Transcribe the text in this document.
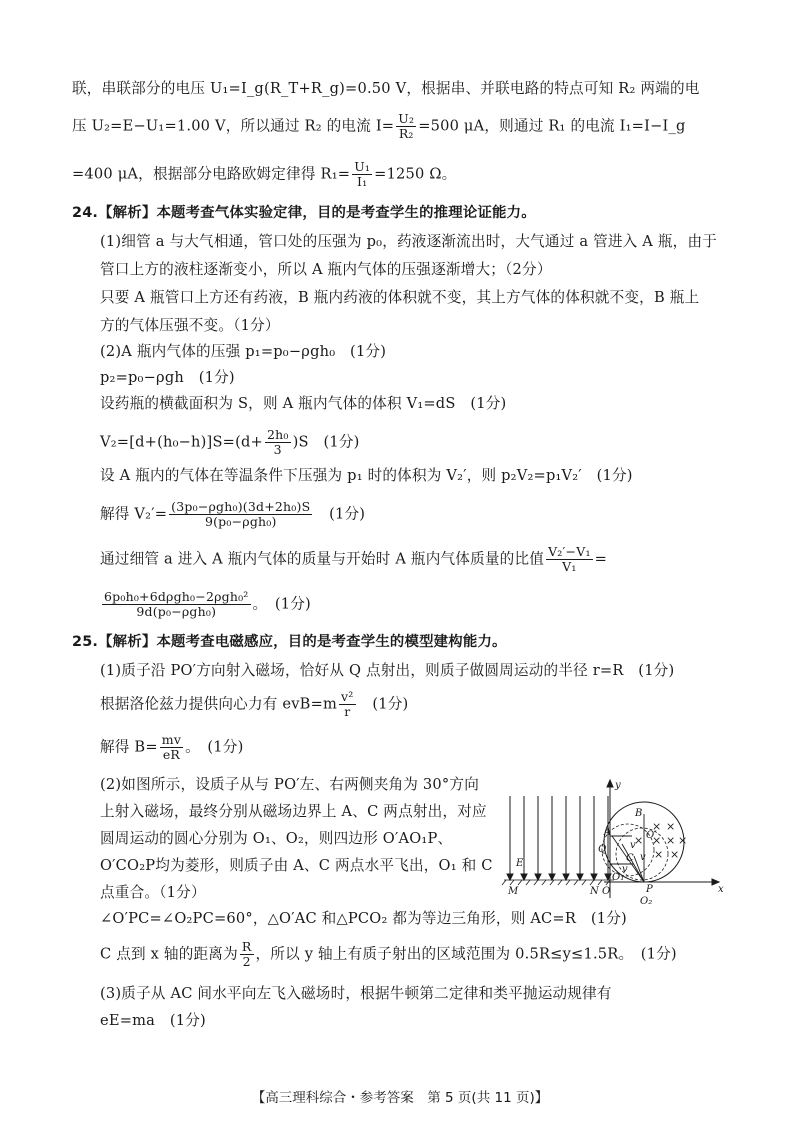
联，串联部分的电压 U₁=I_g(R_T+R_g)=0.50 V，根据串、并联电路的特点可知 R₂ 两端的电
压 U₂=E−U₁=1.00 V，所以通过 R₂ 的电流 $I= \frac{\text{U₂}}{\text{R₂}} =500$ μA，则通过 R₁ 的电流 I₁=I−I_g
=400 μA，根据部分电路欧姆定律得 $R_1= \frac{\text{U₁}}{\text{I₁}} =1250$ Ω。
24.【解析】本题考查气体实验定律，目的是考查学生的推理论证能力。
(1)细管 a 与大气相通，管口处的压强为 p₀，药液逐渐流出时，大气通过 a 管进入 A 瓶，由于
管口上方的液柱逐渐变小，所以 A 瓶内气体的压强逐渐增大；（2分）
只要 A 瓶管口上方还有药液，B 瓶内药液的体积就不变，其上方气体的体积就不变，B 瓶上
方的气体压强不变。（1分）
(2)A 瓶内气体的压强 p₁=p₀−ρgh₀　(1分)
p₂=p₀−ρgh　(1分)
设药瓶的横截面积为 S，则 A 瓶内气体的体积 V₁=dS　(1分)
$V_2=[d+(h_0-h)]S=(d+ \frac{\text{2h₀}}{3} )S$　(1分)
设 A 瓶内的气体在等温条件下压强为 p₁ 时的体积为 V₂′，则 p₂V₂=p₁V₂′　(1分)
解得 V₂′= (3p₀−ρgh₀)(3d+2h₀)S
9(p₀−ρgh₀)	　(1分)
通过细管 a 进入 A 瓶内气体的质量与开始时 A 瓶内气体质量的比值 $\frac{\text{V₂′−V₁}}{\text{V₁}}$ =
6p₀h₀+6dρgh₀−2ρgh₀²
9d(p₀−ρgh₀)	。　(1分)
25.【解析】本题考查电磁感应，目的是考查学生的模型建构能力。
(1)质子沿 PO′方向射入磁场，恰好从 Q 点射出，则质子做圆周运动的半径 r=R　(1分)
根据洛伦兹力提供向心力有 $evB=m \frac{\text{v²}}{r}$ 　(1分)
解得 $B= \frac{mv}{eR}$ 。　(1分)
(2)如图所示，设质子从与 PO′左、右两侧夹角为 30°方向
上射入磁场，最终分别从磁场边界上 A、C 两点射出，对应
圆周运动的圆心分别为 O₁、O₂，则四边形 O′AO₁P、
O′CO₂P均为菱形，则质子由 A、C 两点水平飞出，O₁ 和 C
点重合。（1分）
∠O′PC=∠O₂PC=60°，△O′AC 和△PCO₂ 都为等边三角形，则 AC=R　(1分)
C 点到 x 轴的距离为 $\frac{R}{2}$ ，所以 y 轴上有质子射出的区域范围为 0.5R≤y≤1.5R。　(1分)
(3)质子从 AC 间水平向左飞入磁场时，根据牛顿第二定律和类平抛运动规律有
eE=ma　(1分)
× ×
× × × ×
× ×
y
x
A
B
Q
O′
C
E
M	N O
O₁
O₂
P
v
v
v
【高三理科综合・参考答案　第 5 页(共 11 页)】
